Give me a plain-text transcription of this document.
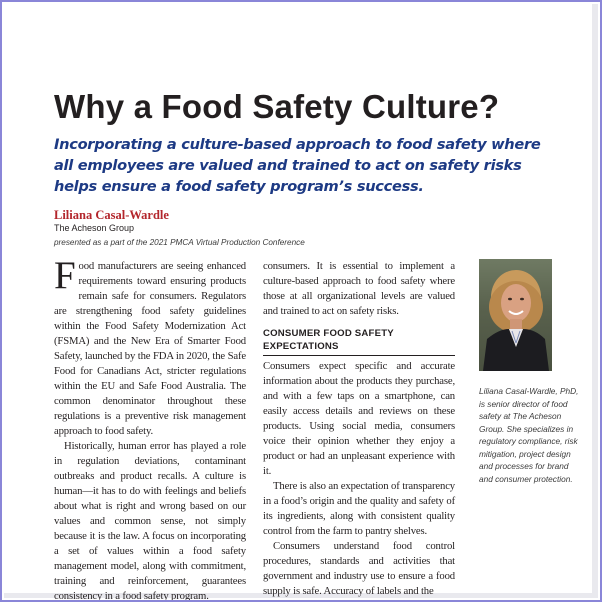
Why a Food Safety Culture?

Incorporating a culture-based approach to food safety where all employees are valued and trained to act on safety risks helps ensure a food safety program’s success.

Liliana Casal-Wardle
The Acheson Group
presented as a part of the 2021 PMCA Virtual Production Conference

Food manufacturers are seeing enhanced requirements toward ensuring products remain safe for consumers. Regulators are strengthening food safety guidelines within the Food Safety Modernization Act (FSMA) and the New Era of Smarter Food Safety, launched by the FDA in 2020, the Safe Food for Canadians Act, stricter regulations within the EU and Safe Food Australia. The common denominator throughout these regulations is a preventive risk management approach to food safety.

Historically, human error has played a role in regulation deviations, contaminant outbreaks and product recalls. A culture is human—it has to do with feelings and beliefs about what is right and wrong based on our values and common sense, not simply because it is the law. A focus on incorporating a set of values within a food safety management model, along with commitment, training and reinforcement, guarantees consistency in a food safety program.

consumers. It is essential to implement a culture-based approach to food safety where those at all organizational levels are valued and trained to act on safety risks.

CONSUMER FOOD SAFETY EXPECTATIONS

Consumers expect specific and accurate information about the products they purchase, and with a few taps on a smartphone, can easily access details and reviews on these products. Using social media, consumers voice their opinion whether they enjoy a product or had an unpleasant experience with it.

There is also an expectation of transparency in a food’s origin and the quality and safety of its ingredients, along with consistent quality control from the farm to pantry shelves.

Consumers understand food control procedures, standards and activities that government and industry use to ensure a food supply is safe. Accuracy of labels and the

Liliana Casal-Wardle, PhD, is senior director of food safety at The Acheson Group. She specializes in regulatory compliance, risk mitigation, project design and processes for brand and consumer protection.
